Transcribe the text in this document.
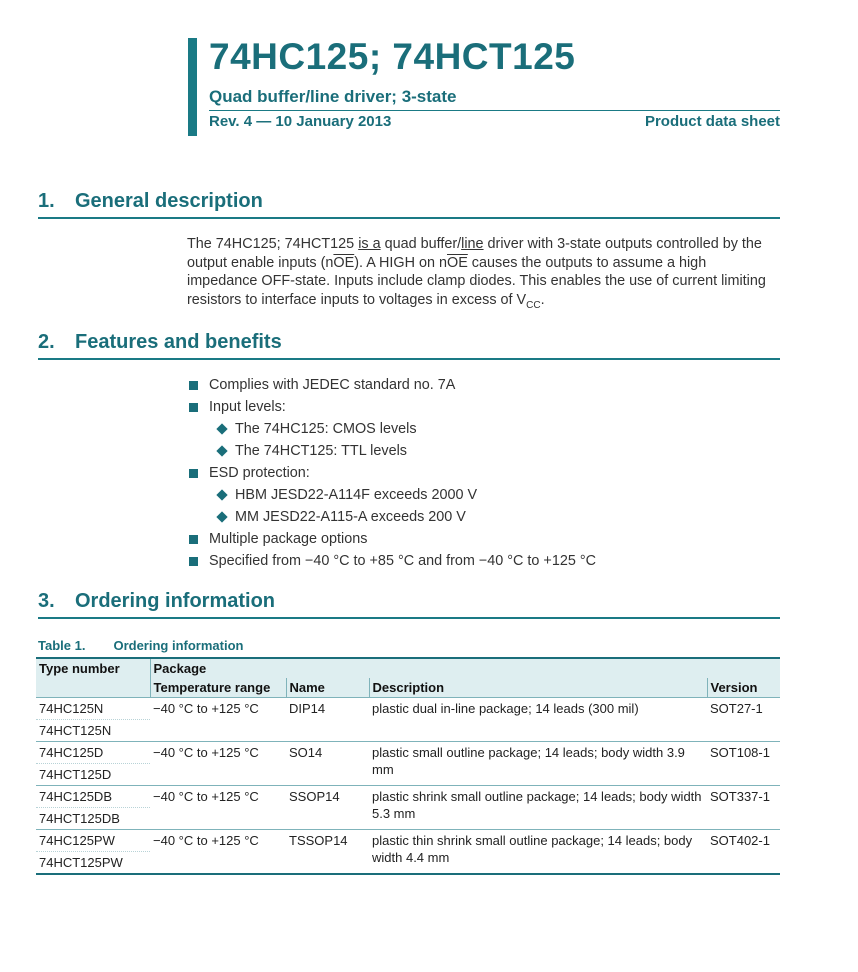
74HC125; 74HCT125
Quad buffer/line driver; 3-state
Rev. 4 — 10 January 2013	Product data sheet
1.	General description
The 74HC125; 74HCT125 is a quad buffer/line driver with 3-state outputs controlled by the output enable inputs $(n\overline{OE})$. A HIGH on $n\overline{OE}$ causes the outputs to assume a high impedance OFF-state. Inputs include clamp diodes. This enables the use of current limiting resistors to interface inputs to voltages in excess of $V_{CC}$.
2.	Features and benefits
Complies with JEDEC standard no. 7A
Input levels:
The 74HC125: CMOS levels
The 74HCT125: TTL levels
ESD protection:
HBM JESD22-A114F exceeds 2000 V
MM JESD22-A115-A exceeds 200 V
Multiple package options
Specified from −40 °C to +85 °C and from −40 °C to +125 °C
3.	Ordering information
Table 1. Ordering information
Type number	Package			
	Temperature range	Name	Description	Version
74HC125N	−40 °C to +125 °C	DIP14	plastic dual in-line package; 14 leads (300 mil)	SOT27-1
74HCT125N				
74HC125D	−40 °C to +125 °C	SO14	plastic small outline package; 14 leads; body width 3.9 mm	SOT108-1
74HCT125D				
74HC125DB	−40 °C to +125 °C	SSOP14	plastic shrink small outline package; 14 leads; body width 5.3 mm	SOT337-1
74HCT125DB				
74HC125PW	−40 °C to +125 °C	TSSOP14	plastic thin shrink small outline package; 14 leads; body width 4.4 mm	SOT402-1
74HCT125PW				
